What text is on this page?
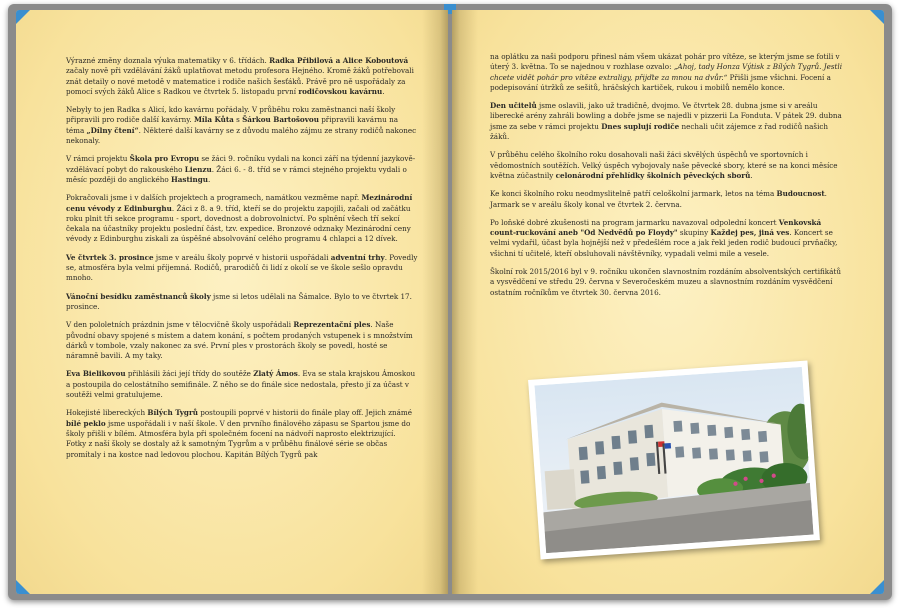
Výrazné změny doznala výuka matematiky v 6. třídách. Radka Přibilová a Alice Koboutová začaly nově při vzdělávání žáků uplatňovat metodu profesora Hejného. Kromě žáků potřebovali znát detaily o nové metodě v matematice i rodiče našich šesťáků. Právě pro ně uspořádaly za pomocí svých žáků Alice s Radkou ve čtvrtek 5. listopadu první rodičovskou kavárnu.

Nebyly to jen Radka s Alicí, kdo kavárnu pořádaly. V průběhu roku zaměstnanci naší školy připravili pro rodiče další kavárny. Míla Kůta s Šárkou Bartošovou připravili kavárnu na téma „Dílny čtení“. Některé další kavárny se z důvodu malého zájmu ze strany rodičů nakonec nekonaly.

V rámci projektu Škola pro Evropu se žáci 9. ročníku vydali na konci září na týdenní jazykově-vzdělávací pobyt do rakouského Lienzu. Žáci 6. - 8. tříd se v rámci stejného projektu vydali o měsíc později do anglického Hastingu.

Pokračovali jsme i v dalších projektech a programech, namátkou vezměme např. Mezinárodní cenu vévody z Edinburghu. Žáci z 8. a 9. tříd, kteří se do projektu zapojili, začali od začátku roku plnit tři sekce programu - sport, dovednost a dobrovolnictví. Po splnění všech tří sekcí čekala na účastníky projektu poslední část, tzv. expedice. Bronzové odznaky Mezinárodní ceny vévody z Edinburghu získali za úspěšné absolvování celého programu 4 chlapci a 12 dívek.

Ve čtvrtek 3. prosince jsme v areálu školy poprvé v historii uspořádali adventní trhy. Povedly se, atmosféra byla velmi příjemná. Rodičů, prarodičů či lidí z okolí se ve škole sešlo opravdu mnoho.

Vánoční besídku zaměstnanců školy jsme si letos udělali na Šámalce. Bylo to ve čtvrtek 17. prosince.

V den pololetních prázdnin jsme v tělocvičně školy uspořádali Reprezentační ples. Naše původní obavy spojené s místem a datem konání, s počtem prodaných vstupenek i s množstvím dárků v tombole, vzaly nakonec za své. První ples v prostorách školy se povedl, hosté se náramně bavili. A my taky.

Eva Bielikovou přihlásili žáci její třídy do soutěže Zlatý Ámos. Eva se stala krajskou Ámoskou a postoupila do celostátního semifinále. Z něho se do finále sice nedostala, přesto jí za účast v soutěži velmi gratulujeme.

Hokejisté libereckých Bílých Tygrů postoupili poprvé v historii do finále play off. Jejich známé bílé peklo jsme uspořádali i v naší škole. V den prvního finálového zápasu se Spartou jsme do školy přišli v bílém. Atmosféra byla při společném focení na nádvoří naprosto elektrizující. Fotky z naší školy se dostaly až k samotným Tygrům a v průběhu finálové série se občas promítaly i na kostce nad ledovou plochou. Kapitán Bílých Tygrů pak

na oplátku za naši podporu přinesl nám všem ukázat pohár pro vítěze, se kterým jsme se fotili v úterý 3. května. To se najednou v rozhlase ozvalo: „Ahoj, tady Honza Výtisk z Bílých Tygrů. Jestli chcete vidět pohár pro vítěze extraligy, přijďte za mnou na dvůr.“ Přišli jsme všichni. Focení a podepisování útržků ze sešitů, hráčských kartiček, rukou i mobilů nemělo konce.

Den učitelů jsme oslavili, jako už tradičně, dvojmo. Ve čtvrtek 28. dubna jsme si v areálu liberecké arény zahráli bowling a dobře jsme se najedli v pizzerii La Fonduta. V pátek 29. dubna jsme za sebe v rámci projektu Dnes suplují rodiče nechali učit zájemce z řad rodičů našich žáků.

V průběhu celého školního roku dosahovali naši žáci skvělých úspěchů ve sportovních i vědomostních soutěžích. Velký úspěch vybojovaly naše pěvecké sbory, které se na konci měsíce května zúčastnily celonárodní přehlídky školních pěveckých sborů.

Ke konci školního roku neodmyslitelně patří celoškolní jarmark, letos na téma Budoucnost. Jarmark se v areálu školy konal ve čtvrtek 2. června.

Po loňské dobré zkušenosti na program jarmarku navazoval odpolední koncert Venkovská count-ruckování aneb "Od Nedvědů po Floydy" skupiny Každej pes, jiná ves. Koncert se velmi vydařil, účast byla hojnější než v předešlém roce a jak řekl jeden rodič budoucí prvňačky, všichni tí učitelé, kteří obsluhovali návštěvníky, vypadali velmi mile a vesele.

Školní rok 2015/2016 byl v 9. ročníku ukončen slavnostním rozdáním absolventských certifikátů a vysvědčení ve středu 29. června v Severočeském muzeu a slavnostním rozdáním vysvědčení ostatním ročníkům ve čtvrtek 30. června 2016.
